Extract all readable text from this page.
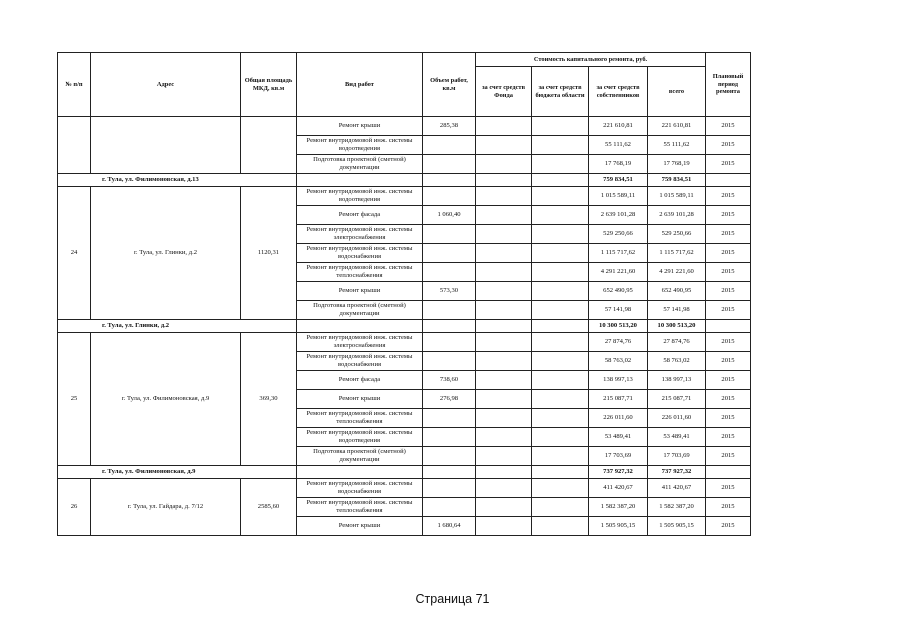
№ п/п	Адрес	Общая площадь МКД, кв.м	Вид работ	Объем работ, кв.м	Стоимость капитального ремонта, руб.				Плановый период ремонта
					за счет средств Фонда	за счет средств бюджета области	за счет средств собственников	всего	
			Ремонт крыши	285,38			221 610,81	221 610,81	2015
			Ремонт внутридомовой инж. системы водоотведения				55 111,62	55 111,62	2015
			Подготовка проектной (сметной) документации				17 768,19	17 768,19	2015
г. Тула, ул. Филимоновская, д.13							759 834,51	759 834,51	
24	г. Тула, ул. Глинки, д.2	1120,31	Ремонт внутридомовой инж. системы водоотведения				1 015 589,11	1 015 589,11	2015
			Ремонт фасада	1 060,40			2 639 101,28	2 639 101,28	2015
			Ремонт внутридомовой инж. системы электроснабжения				529 250,66	529 250,66	2015
			Ремонт внутридомовой инж. системы водоснабжения				1 115 717,62	1 115 717,62	2015
			Ремонт внутридомовой инж. системы теплоснабжения				4 291 221,60	4 291 221,60	2015
			Ремонт крыши	573,30			652 490,95	652 490,95	2015
			Подготовка проектной (сметной) документации				57 141,98	57 141,98	2015
г. Тула, ул. Глинки, д.2							10 300 513,20	10 300 513,20	
25	г. Тула, ул. Филимоновская, д.9	369,30	Ремонт внутридомовой инж. системы электроснабжения				27 874,76	27 874,76	2015
			Ремонт внутридомовой инж. системы водоснабжения				58 763,02	58 763,02	2015
			Ремонт фасада	738,60			138 997,13	138 997,13	2015
			Ремонт крыши	276,98			215 087,71	215 087,71	2015
			Ремонт внутридомовой инж. системы теплоснабжения				226 011,60	226 011,60	2015
			Ремонт внутридомовой инж. системы водоотведения				53 489,41	53 489,41	2015
			Подготовка проектной (сметной) документации				17 703,69	17 703,69	2015
г. Тула, ул. Филимоновская, д.9							737 927,32	737 927,32	
26	г. Тула, ул. Гайдара, д. 7/12	2585,60	Ремонт внутридомовой инж. системы водоснабжения				411 420,67	411 420,67	2015
			Ремонт внутридомовой инж. системы теплоснабжения				1 582 387,20	1 582 387,20	2015
			Ремонт крыши	1 680,64			1 505 905,15	1 505 905,15	2015
Страница 71
